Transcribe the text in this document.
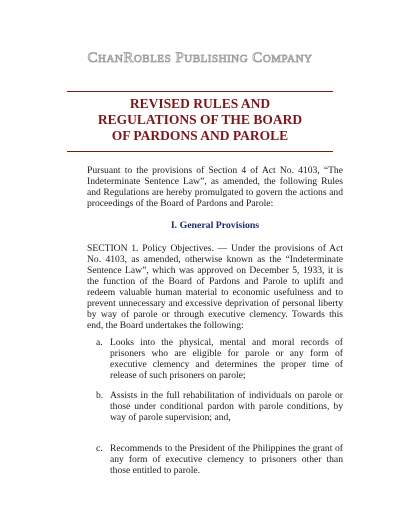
ChanRobles Publishing Company
REVISED RULES AND
REGULATIONS OF THE BOARD
OF PARDONS AND PAROLE

Pursuant to the provisions of Section 4 of Act No. 4103, “The Indeterminate Sentence Law”, as amended, the following Rules and Regulations are hereby promulgated to govern the actions and proceedings of the Board of Pardons and Parole:

I. General Provisions

SECTION 1. Policy Objectives. — Under the provisions of Act No. 4103, as amended, otherwise known as the “Indeterminate Sentence Law”, which was approved on December 5, 1933, it is the function of the Board of Pardons and Parole to uplift and redeem valuable human material to economic usefulness and to prevent unnecessary and excessive deprivation of personal liberty by way of parole or through executive clemency. Towards this end, the Board undertakes the following:

a. Looks into the physical, mental and moral records of prisoners who are eligible for parole or any form of executive clemency and determines the proper time of release of such prisoners on parole;
b. Assists in the full rehabilitation of individuals on parole or those under conditional pardon with parole conditions, by way of parole supervision; and,
c. Recommends to the President of the Philippines the grant of any form of executive clemency to prisoners other than those entitled to parole.
